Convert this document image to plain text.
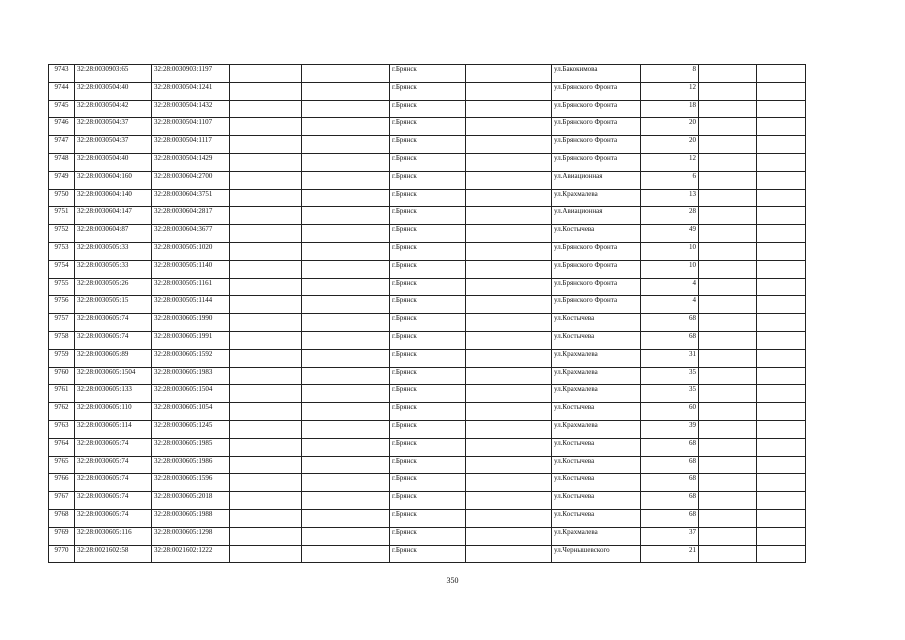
9743	32:28:0030903:65	32:28:0030903:1197			г.Брянск		ул.Бакокимова	8		
9744	32:28:0030504:40	32:28:0030504:1241			г.Брянск		ул.Брянского Фронта	12		
9745	32:28:0030504:42	32:28:0030504:1432			г.Брянск		ул.Брянского Фронта	18		
9746	32:28:0030504:37	32:28:0030504:1107			г.Брянск		ул.Брянского Фронта	20		
9747	32:28:0030504:37	32:28:0030504:1117			г.Брянск		ул.Брянского Фронта	20		
9748	32:28:0030504:40	32:28:0030504:1429			г.Брянск		ул.Брянского Фронта	12		
9749	32:28:0030604:160	32:28:0030604:2700			г.Брянск		ул.Авиационная	6		
9750	32:28:0030604:140	32:28:0030604:3751			г.Брянск		ул.Крахмалева	13		
9751	32:28:0030604:147	32:28:0030604:2817			г.Брянск		ул.Авиационная	28		
9752	32:28:0030604:87	32:28:0030604:3677			г.Брянск		ул.Костычева	49		
9753	32:28:0030505:33	32:28:0030505:1020			г.Брянск		ул.Брянского Фронта	10		
9754	32:28:0030505:33	32:28:0030505:1140			г.Брянск		ул.Брянского Фронта	10		
9755	32:28:0030505:26	32:28:0030505:1161			г.Брянск		ул.Брянского Фронта	4		
9756	32:28:0030505:15	32:28:0030505:1144			г.Брянск		ул.Брянского Фронта	4		
9757	32:28:0030605:74	32:28:0030605:1990			г.Брянск		ул.Костычева	68		
9758	32:28:0030605:74	32:28:0030605:1991			г.Брянск		ул.Костычева	68		
9759	32:28:0030605:89	32:28:0030605:1592			г.Брянск		ул.Крахмалева	31		
9760	32:28:0030605:1504	32:28:0030605:1983			г.Брянск		ул.Крахмалева	35		
9761	32:28:0030605:133	32:28:0030605:1504			г.Брянск		ул.Крахмалева	35		
9762	32:28:0030605:110	32:28:0030605:1054			г.Брянск		ул.Костычева	60		
9763	32:28:0030605:114	32:28:0030605:1245			г.Брянск		ул.Крахмалева	39		
9764	32:28:0030605:74	32:28:0030605:1985			г.Брянск		ул.Костычева	68		
9765	32:28:0030605:74	32:28:0030605:1986			г.Брянск		ул.Костычева	68		
9766	32:28:0030605:74	32:28:0030605:1596			г.Брянск		ул.Костычева	68		
9767	32:28:0030605:74	32:28:0030605:2018			г.Брянск		ул.Костычева	68		
9768	32:28:0030605:74	32:28:0030605:1988			г.Брянск		ул.Костычева	68		
9769	32:28:0030605:116	32:28:0030605:1298			г.Брянск		ул.Крахмалева	37		
9770	32:28:0021602:58	32:28:0021602:1222			г.Брянск		ул.Чернышевского	21		
350
